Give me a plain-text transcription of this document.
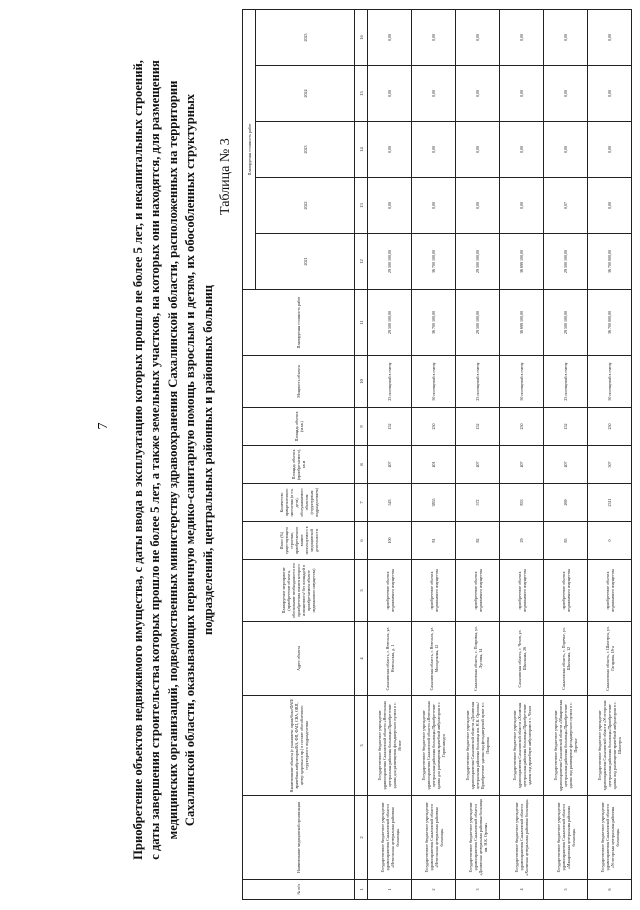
7 Приобретение объектов недвижимого имущества, с даты ввода в эксплуатацию которых прошло не более 5 лет, и некапитальных строений, с даты завершения строительства которых прошло не более 5 лет, а также земельных участков, на которых они находятся, для размещения медицинских организаций, подведомственных министерству здравоохранения Сахалинской области, расположенных на территории Сахалинской области, оказывающих первичную медико-санитарную помощь взрослым и детям, их обособленных структурных подразделений, центральных районных и районных больниц
Таблица № 3
№ п/п	Наименование медицинской организации	Наименование объекта (с указанием: гараж/бокс/ФАП/врачебная амбулатория/ВА, ФП, ФАП, СВА, ОВП, центр здоровья и пр.) в составе обособленного структурного подразделения	Адрес объекта	Планируемое мероприятие (приобретение объекта, обоснование необходимости его приобретения взамен которого изношенного/ без площадей в приобретаемом объекте недвижимого имущества)	Износ (%) существующего строения, приобретаемого взамен используемого в медицинской деятельности	Количество прикрепленного населения (в т.ч. дети), обслуживаемого объектом (структурным подразделением)	Площадь объекта (приобретаемого), кв.м	Площадь объекта (м.кв.)	Мощность объекта	Планируемая стоимость работ	Планируемая стоимость работ				
											2021	2022	2023	2024	2025
1	2	3	4	5	6	7	8	9	10	11	12	13	14	15	16
1	Государственное бюджетное учреждение здравоохранения Сахалинской области «Невельская центральная районная больница»	Государственное бюджетное учреждение здравоохранения Сахалинской области «Невельская центральная районная больница»/Приобретение здания для размещения фельдшерского пункта в с. Ясное	Сахалинская область, г. Невельск, ул. Невельская, д. 1	приобретение объекта недвижимого имущества	100	543	407	152	25 посещений в смену	29 500 100,00	29 500 100,00	0,00	0,00	0,00	0,00
2	Государственное бюджетное учреждение здравоохранения Сахалинской области «Невельская центральная районная больница»	Государственное бюджетное учреждение здравоохранения Сахалинской области «Невельская центральная районная больница»/Приобретение здания для размещения врачебной амбулатории в с. Горнозаводск	Сахалинская область, г. Невельск, ул. Молодежная, 12	приобретение объекта недвижимого имущества	81	3855	401	250	50 посещений в смену	36 700 100,00	36 700 100,00	0,00	0,00	0,00	0,00
3	Государственное бюджетное учреждение здравоохранения Сахалинской области «Долинская центральная районная больница им. Н.К. Орлова»	Государственное бюджетное учреждение здравоохранения Сахалинской области «Долинская центральная районная больница им. Н.К. Орлова»/Приобретение здания под фельдшерский пункт в с. Покровка	Сахалинская область, с. Покровка, ул. Луговая, 14	приобретение объекта недвижимого имущества	82	572	407	152	25 посещений в смену	29 500 100,00	29 500 100,00	0,00	0,00	0,00	0,00
4	Государственное бюджетное учреждение здравоохранения Сахалинской области «Холмская центральная районная больница»	Государственное бюджетное учреждение здравоохранения Сахалинской области «Холмская центральная районная больница»/Приобретение здания под врачебную амбулаторию в с. Чехов	Сахалинская область, г. Чехов, ул. Школьная, 26	приобретение объекта недвижимого имущества	29	833	407	250	50 посещений в смену	36 699 100,00	36 699 100,00	0,00	0,00	0,00	0,00
5	Государственное бюджетное учреждение здравоохранения Сахалинской области «Макаровская центральная районная больница»	Государственное бюджетное учреждение здравоохранения Сахалинской области «Макаровская центральная районная больница»/Приобретение здания под размещение фельдшерского пункта в с. Поречье	Сахалинская область, с. Поречье, ул. Школьная, 12	приобретение объекта недвижимого имущества	85	269	407	152	25 посещений в смену	29 500 100,00	29 500 100,00	0,07	0,00	0,00	0,00
6	Государственное бюджетное учреждение здравоохранения Сахалинской области «Углегорская центральная районная больница»	Государственное бюджетное учреждение здравоохранения Сахалинской области «Углегорская центральная районная больница»/Приобретение здания под размещение врачебной амбулатории в с. Шахтерск	Сахалинская область, г. Шахтерск, ул. Гагарина, 18-а	приобретение объекта недвижимого имущества	0	2311	507	250	50 посещений в смену	36 700 000,00	36 700 000,00	0,00	0,00	0,00	0,00
